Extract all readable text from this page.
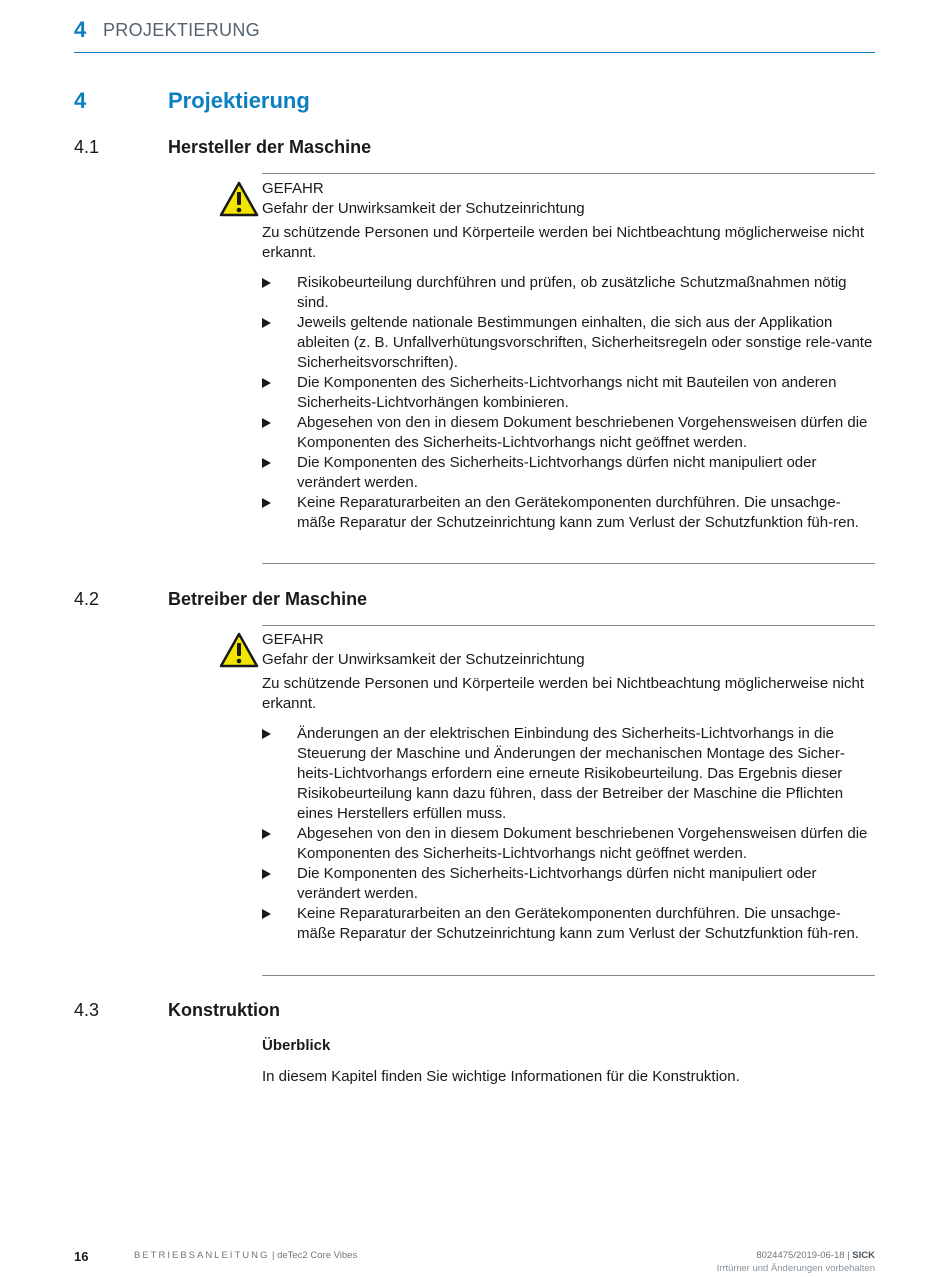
4 PROJEKTIERUNG
4	Projektierung
4.1	Hersteller der Maschine

GEFAHR

Gefahr der Unwirksamkeit der Schutzeinrichtung

Zu schützende Personen und Körperteile werden bei Nichtbeachtung möglicherweise nicht erkannt.

Risikobeurteilung durchführen und prüfen, ob zusätzliche Schutzmaßnahmen nötig sind.
Jeweils geltende nationale Bestimmungen einhalten, die sich aus der Applikation ableiten (z. B. Unfallverhütungsvorschriften, Sicherheitsregeln oder sonstige rele-vante Sicherheitsvorschriften).
Die Komponenten des Sicherheits-Lichtvorhangs nicht mit Bauteilen von anderen Sicherheits-Lichtvorhängen kombinieren.
Abgesehen von den in diesem Dokument beschriebenen Vorgehensweisen dürfen die Komponenten des Sicherheits-Lichtvorhangs nicht geöffnet werden.
Die Komponenten des Sicherheits-Lichtvorhangs dürfen nicht manipuliert oder verändert werden.
Keine Reparaturarbeiten an den Gerätekomponenten durchführen. Die unsachge-mäße Reparatur der Schutzeinrichtung kann zum Verlust der Schutzfunktion füh-ren.
4.2	Betreiber der Maschine

GEFAHR

Gefahr der Unwirksamkeit der Schutzeinrichtung

Zu schützende Personen und Körperteile werden bei Nichtbeachtung möglicherweise nicht erkannt.

Änderungen an der elektrischen Einbindung des Sicherheits-Lichtvorhangs in die Steuerung der Maschine und Änderungen der mechanischen Montage des Sicher-heits-Lichtvorhangs erfordern eine erneute Risikobeurteilung. Das Ergebnis dieser Risikobeurteilung kann dazu führen, dass der Betreiber der Maschine die Pflichten eines Herstellers erfüllen muss.
Abgesehen von den in diesem Dokument beschriebenen Vorgehensweisen dürfen die Komponenten des Sicherheits-Lichtvorhangs nicht geöffnet werden.
Die Komponenten des Sicherheits-Lichtvorhangs dürfen nicht manipuliert oder verändert werden.
Keine Reparaturarbeiten an den Gerätekomponenten durchführen. Die unsachge-mäße Reparatur der Schutzeinrichtung kann zum Verlust der Schutzfunktion füh-ren.
4.3	Konstruktion
Überblick
In diesem Kapitel finden Sie wichtige Informationen für die Konstruktion.
16	BETRIEBSANLEITUNG | deTec2 Core Vibes	8024475/2019-06-18 | SICK
Irrtümer und Änderungen vorbehalten
